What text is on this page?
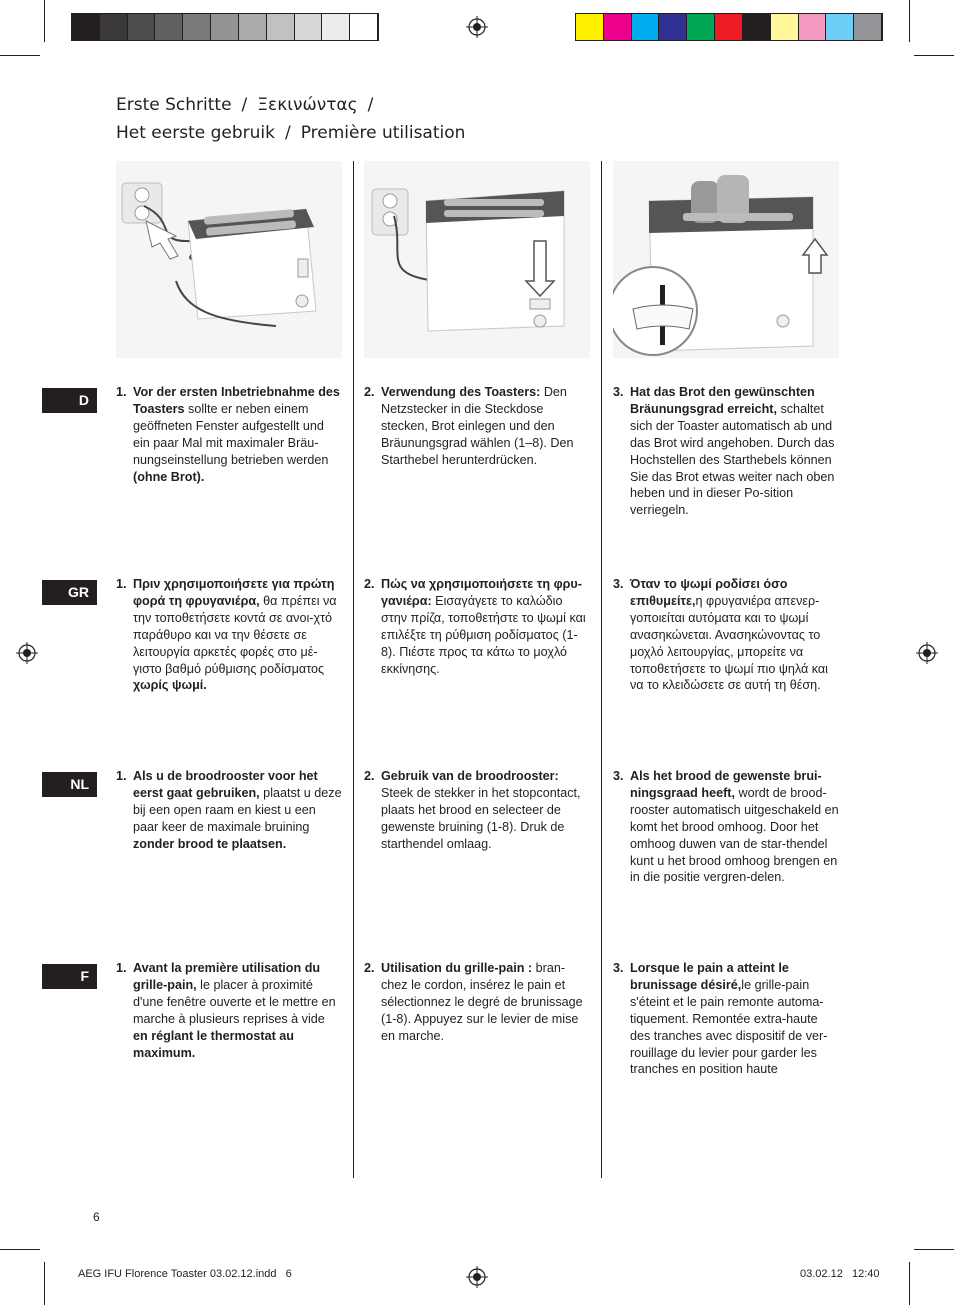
Erste Schritte / Ξεκινώντας /
Het eerste gebruik / Première utilisation
D
GR
NL
F
1. Vor der ersten Inbetriebnahme des Toasters sollte er neben einem geöffneten Fenster aufgestellt und ein paar Mal mit maximaler Bräu-nungseinstellung betrieben werden (ohne Brot).
2. Verwendung des Toasters: Den Netzstecker in die Steckdose stecken, Brot einlegen und den Bräunungsgrad wählen (1–8). Den Starthebel herunterdrücken.
3. Hat das Brot den gewünschten Bräunungsgrad erreicht, schaltet sich der Toaster automatisch ab und das Brot wird angehoben. Durch das Hochstellen des Starthebels können Sie das Brot etwas weiter nach oben heben und in dieser Po-sition verriegeln.
1. Πριν χρησιμοποιήσετε για πρώτη φορά τη φρυγανιέρα, θα πρέπει να την τοποθετήσετε κοντά σε ανοι-χτό παράθυρο και να την θέσετε σε λειτουργία αρκετές φορές στο μέ-γιστο βαθμό ρύθμισης ροδίσματος χωρίς ψωμί.
2. Πώς να χρησιμοποιήσετε τη φρυ-γανιέρα: Εισαγάγετε το καλώδιο στην πρίζα, τοποθετήστε το ψωμί και επιλέξτε τη ρύθμιση ροδίσματος (1-8). Πιέστε προς τα κάτω το μοχλό εκκίνησης.
3. Όταν το ψωμί ροδίσει όσο επιθυμείτε,η φρυγανιέρα απενερ-γοποιείται αυτόματα και το ψωμί ανασηκώνεται. Ανασηκώνοντας το μοχλό λειτουργίας, μπορείτε να τοποθετήσετε το ψωμί πιο ψηλά και να το κλειδώσετε σε αυτή τη θέση.
1. Als u de broodrooster voor het eerst gaat gebruiken, plaatst u deze bij een open raam en kiest u een paar keer de maximale bruining zonder brood te plaatsen.
2. Gebruik van de broodrooster: Steek de stekker in het stopcontact, plaats het brood en selecteer de gewenste bruining (1-8). Druk de starthendel omlaag.
3. Als het brood de gewenste brui-ningsgraad heeft, wordt de brood-rooster automatisch uitgeschakeld en komt het brood omhoog. Door het omhoog duwen van de star-thendel kunt u het brood omhoog brengen en in die positie vergren-delen.
1. Avant la première utilisation du grille-pain, le placer à proximité d'une fenêtre ouverte et le mettre en marche à plusieurs reprises à vide en réglant le thermostat au maximum.
2. Utilisation du grille-pain : bran-chez le cordon, insérez le pain et sélectionnez le degré de brunissage (1-8). Appuyez sur le levier de mise en marche.
3. Lorsque le pain a atteint le brunissage désiré,le grille-pain s'éteint et le pain remonte automa-tiquement. Remontée extra-haute des tranches avec dispositif de ver-rouillage du levier pour garder les tranches en position haute
6
AEG IFU Florence Toaster 03.02.12.indd   6	03.02.12 12:40
